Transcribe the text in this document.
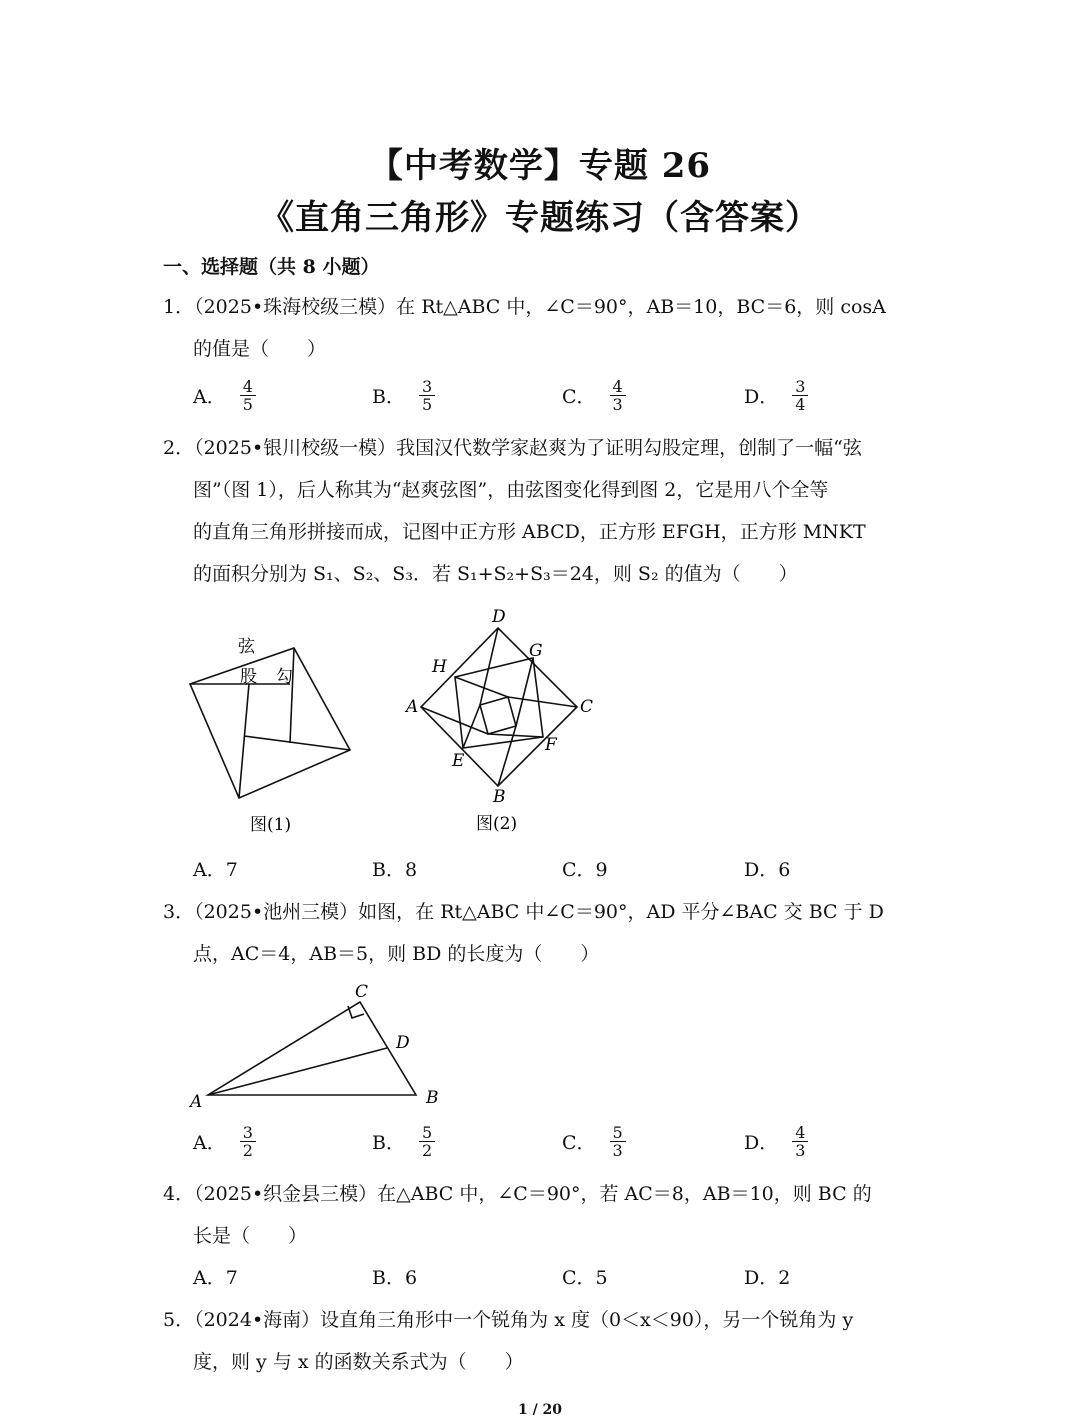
【中考数学】专题 26
《直角三角形》专题练习（含答案）
一、选择题（共 8 小题）
1．（2025•珠海校级三模）在 Rt△ABC 中，∠C＝90°，AB＝10，BC＝6，则 cosA
的值是（　　）
A． $\frac{4}{5}$	B． $\frac{3}{5}$	C． $\frac{4}{3}$	D． $\frac{3}{4}$
2．（2025•银川校级一模）我国汉代数学家赵爽为了证明勾股定理，创制了一幅“弦
图”（图 1），后人称其为“赵爽弦图”，由弦图变化得到图 2，它是用八个全等
的直角三角形拼接而成，记图中正方形 ABCD，正方形 EFGH，正方形 MNKT
的面积分别为 S₁、S₂、S₃．若 S₁+S₂+S₃＝24，则 S₂ 的值为（　　）
弦
股 勾
图(1)
D
G
H
A	C
E
F
B
图(2)
A．7	B．8	C．9	D．6
3．（2025•池州三模）如图，在 Rt△ABC 中∠C＝90°，AD 平分∠BAC 交 BC 于 D
点，AC＝4，AB＝5，则 BD 的长度为（　　）
C
D
A	B
A． $\frac{3}{2}$	B． $\frac{5}{2}$	C． $\frac{5}{3}$	D． $\frac{4}{3}$
4．（2025•织金县三模）在△ABC 中，∠C＝90°，若 AC＝8，AB＝10，则 BC 的
长是（　　）
A．7	B．6	C．5	D．2
5．（2024•海南）设直角三角形中一个锐角为 x 度（0＜x＜90），另一个锐角为 y
度，则 y 与 x 的函数关系式为（　　）
1 / 20
